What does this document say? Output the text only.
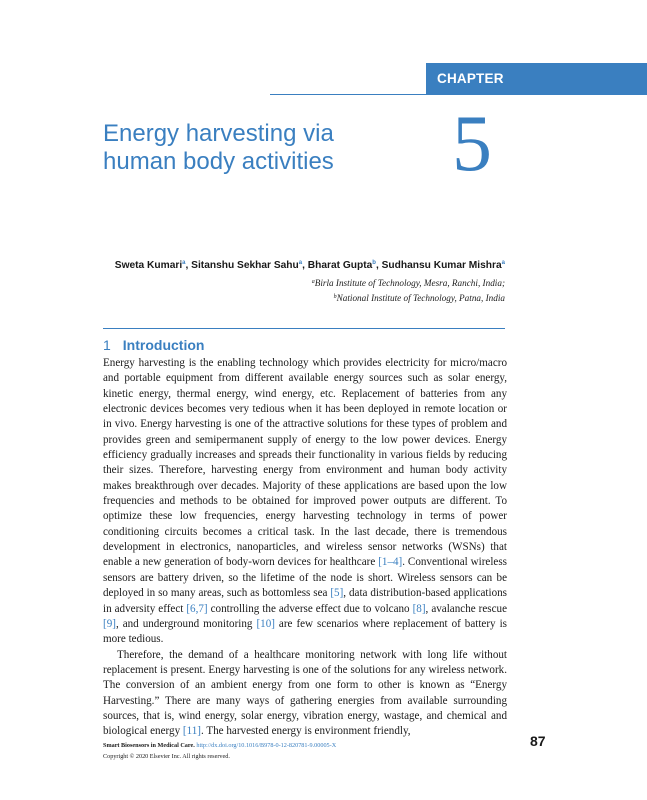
CHAPTER
Energy harvesting via
human body activities	5
Sweta Kumari$^a$, Sitanshu Sekhar Sahu$^a$, Bharat Gupta$^b$, Sudhansu Kumar Mishra$^a$
$^a$Birla Institute of Technology, Mesra, Ranchi, India;
$^b$National Institute of Technology, Patna, India
1 Introduction

Energy harvesting is the enabling technology which provides electricity for micro/macro and portable equipment from different available energy sources such as solar energy, kinetic energy, thermal energy, wind energy, etc. Replacement of batteries from any electronic devices becomes very tedious when it has been deployed in remote location or in vivo. Energy harvesting is one of the attractive solutions for these types of problem and provides green and semipermanent supply of energy to the low power devices. Energy efficiency gradually increases and spreads their functionality in various fields by reducing their sizes. Therefore, harvesting energy from environment and human body activity makes breakthrough over decades. Majority of these applications are based upon the low frequencies and methods to be obtained for improved power outputs are different. To optimize these low frequencies, energy harvesting technology in terms of power conditioning circuits becomes a critical task. In the last decade, there is tremendous development in electronics, nanoparticles, and wireless sensor networks (WSNs) that enable a new generation of body-worn devices for healthcare [1–4]. Conventional wireless sensors are battery driven, so the lifetime of the node is short. Wireless sensors can be deployed in so many areas, such as bottomless sea [5], data distribution-based applications in adversity effect [6,7] controlling the adverse effect due to volcano [8], avalanche rescue [9], and underground monitoring [10] are few scenarios where replacement of battery is more tedious.

Therefore, the demand of a healthcare monitoring network with long life without replacement is present. Energy harvesting is one of the solutions for any wireless network. The conversion of an ambient energy from one form to other is known as “Energy Harvesting.” There are many ways of gathering energies from available surrounding sources, that is, wind energy, solar energy, vibration energy, wastage, and chemical and biological energy [11]. The harvested energy is environment friendly,

Smart Biosensors in Medical Care. http://dx.doi.org/10.1016/B978-0-12-820781-9.00005-X
Copyright © 2020 Elsevier Inc. All rights reserved.
87
